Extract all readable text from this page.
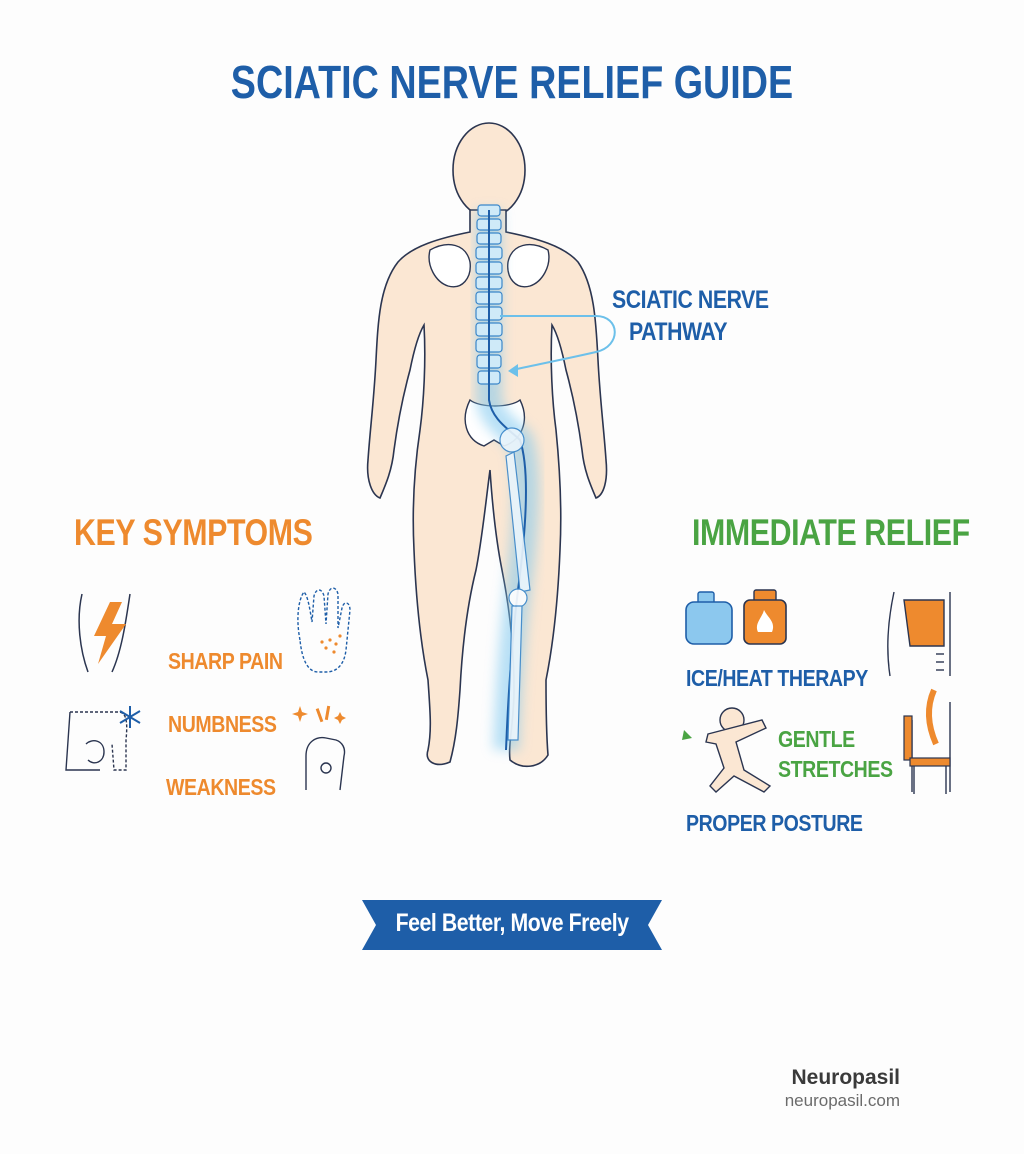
SCIATIC NERVE RELIEF GUIDE
SCIATIC NERVE
PATHWAY
KEY SYMPTOMS	IMMEDIATE RELIEF
SHARP PAIN
NUMBNESS
WEAKNESS
ICE/HEAT THERAPY
GENTLE
STRETCHES
PROPER POSTURE
Feel Better, Move Freely
Neuropasil
neuropasil.com
